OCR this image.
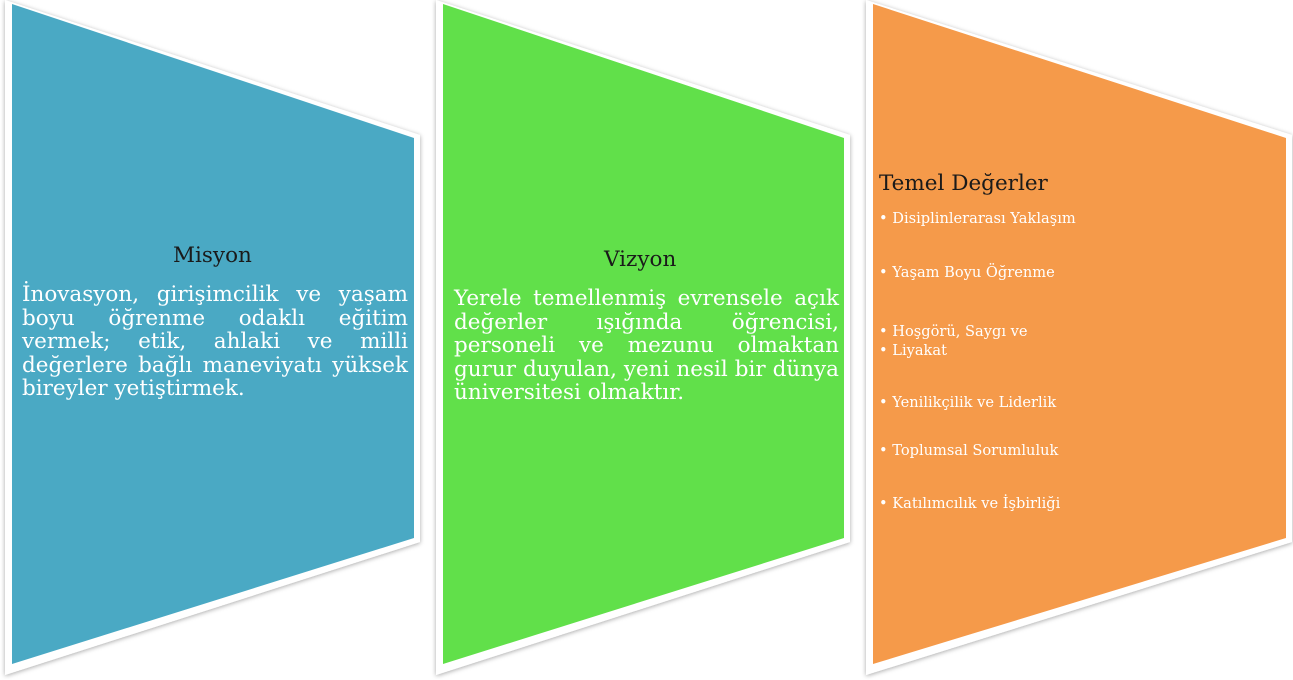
Misyon

İnovasyon, girişimcilik ve yaşam boyu öğrenme odaklı eğitim vermek; etik, ahlaki ve milli değerlere bağlı maneviyatı yüksek bireyler yetiştirmek.

Vizyon

Yerele temellenmiş evrensele açık değerler ışığında öğrencisi, personeli ve mezunu olmaktan gurur duyulan, yeni nesil bir dünya üniversitesi olmaktır.

Temel Değerler
• Disiplinlerarası Yaklaşım
• Yaşam Boyu Öğrenme
• Hoşgörü, Saygı ve
• Liyakat
• Yenilikçilik ve Liderlik
• Toplumsal Sorumluluk
• Katılımcılık ve İşbirliği
